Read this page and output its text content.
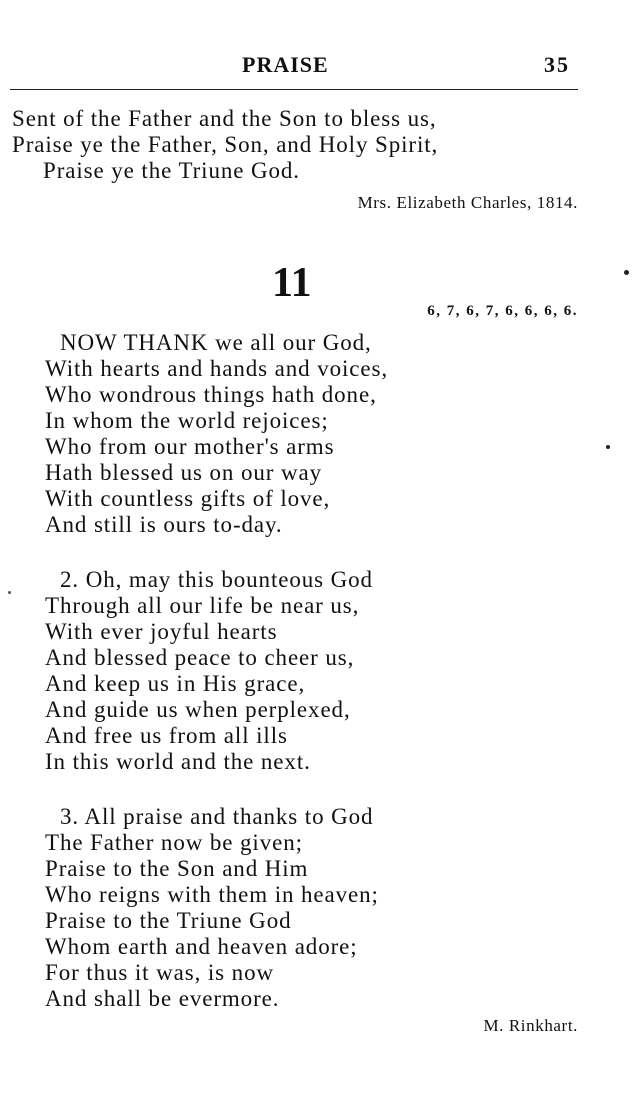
PRAISE	35
Sent of the Father and the Son to bless us,
Praise ye the Father, Son, and Holy Spirit,
Praise ye the Triune God.
Mrs. Elizabeth Charles, 1814.
11
6, 7, 6, 7, 6, 6, 6, 6.
NOW THANK we all our God,
With hearts and hands and voices,
Who wondrous things hath done,
In whom the world rejoices;
Who from our mother's arms
Hath blessed us on our way
With countless gifts of love,
And still is ours to-day.
2. Oh, may this bounteous God
Through all our life be near us,
With ever joyful hearts
And blessed peace to cheer us,
And keep us in His grace,
And guide us when perplexed,
And free us from all ills
In this world and the next.
3. All praise and thanks to God
The Father now be given;
Praise to the Son and Him
Who reigns with them in heaven;
Praise to the Triune God
Whom earth and heaven adore;
For thus it was, is now
And shall be evermore.
M. Rinkhart.
